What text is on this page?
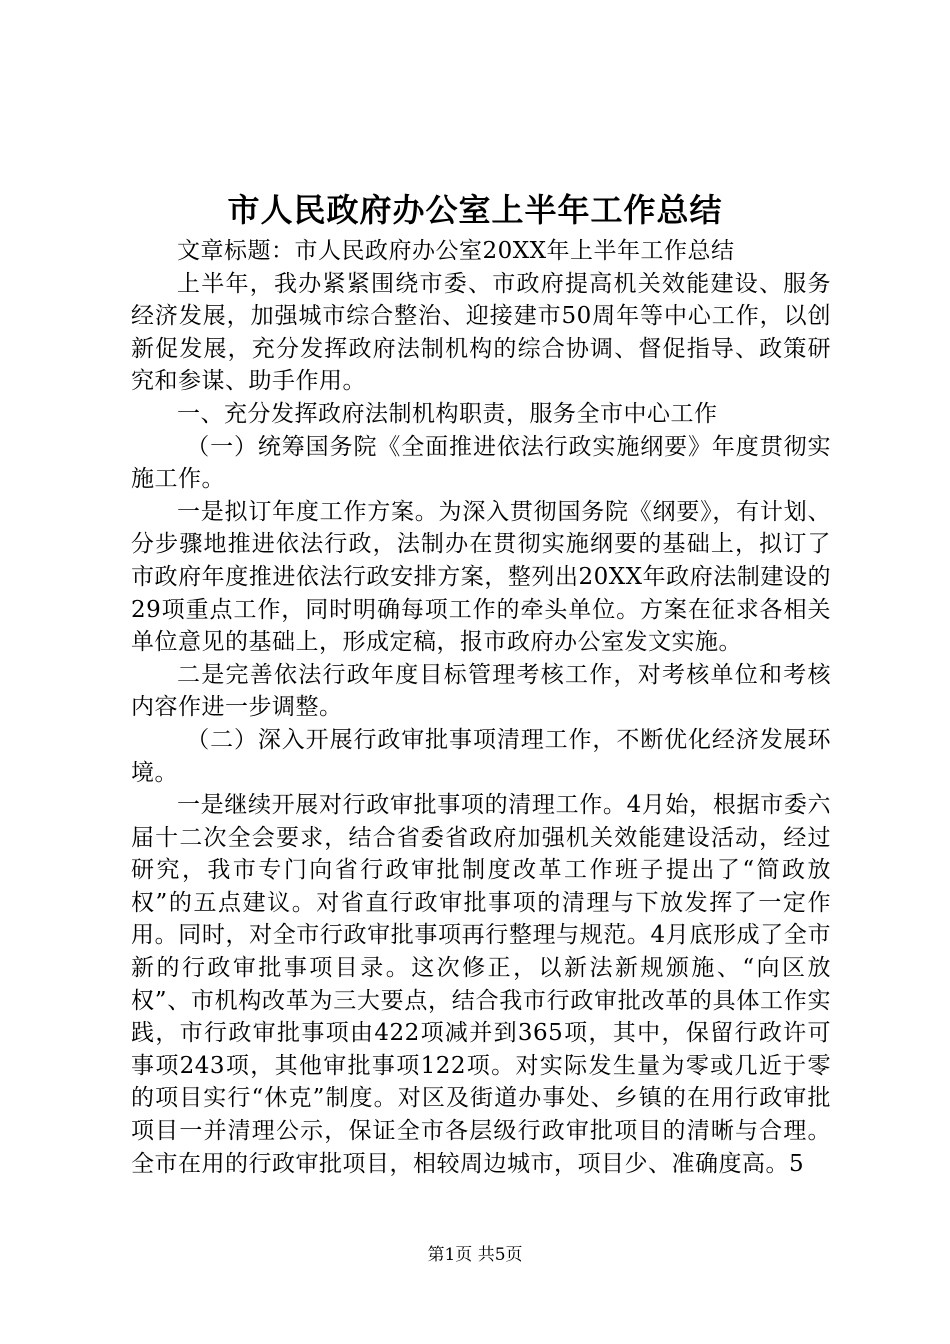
市人民政府办公室上半年工作总结

文章标题：市人民政府办公室20XX年上半年工作总结

上半年，我办紧紧围绕市委、市政府提高机关效能建设、服务经济发展，加强城市综合整治、迎接建市50周年等中心工作，以创新促发展，充分发挥政府法制机构的综合协调、督促指导、政策研究和参谋、助手作用。

一、充分发挥政府法制机构职责，服务全市中心工作

（一）统筹国务院《全面推进依法行政实施纲要》年度贯彻实施工作。

一是拟订年度工作方案。为深入贯彻国务院《纲要》，有计划、分步骤地推进依法行政，法制办在贯彻实施纲要的基础上，拟订了市政府年度推进依法行政安排方案，整列出20XX年政府法制建设的29项重点工作，同时明确每项工作的牵头单位。方案在征求各相关单位意见的基础上，形成定稿，报市政府办公室发文实施。

二是完善依法行政年度目标管理考核工作，对考核单位和考核内容作进一步调整。

（二）深入开展行政审批事项清理工作，不断优化经济发展环境。

一是继续开展对行政审批事项的清理工作。4月始，根据市委六届十二次全会要求，结合省委省政府加强机关效能建设活动，经过研究，我市专门向省行政审批制度改革工作班子提出了“简政放权”的五点建议。对省直行政审批事项的清理与下放发挥了一定作用。同时，对全市行政审批事项再行整理与规范。4月底形成了全市新的行政审批事项目录。这次修正，以新法新规颁施、“向区放权”、市机构改革为三大要点，结合我市行政审批改革的具体工作实践，市行政审批事项由422项减并到365项，其中，保留行政许可事项243项，其他审批事项122项。对实际发生量为零或几近于零的项目实行“休克”制度。对区及街道办事处、乡镇的在用行政审批项目一并清理公示，保证全市各层级行政审批项目的清晰与合理。全市在用的行政审批项目，相较周边城市，项目少、准确度高。5

第1页 共5页
